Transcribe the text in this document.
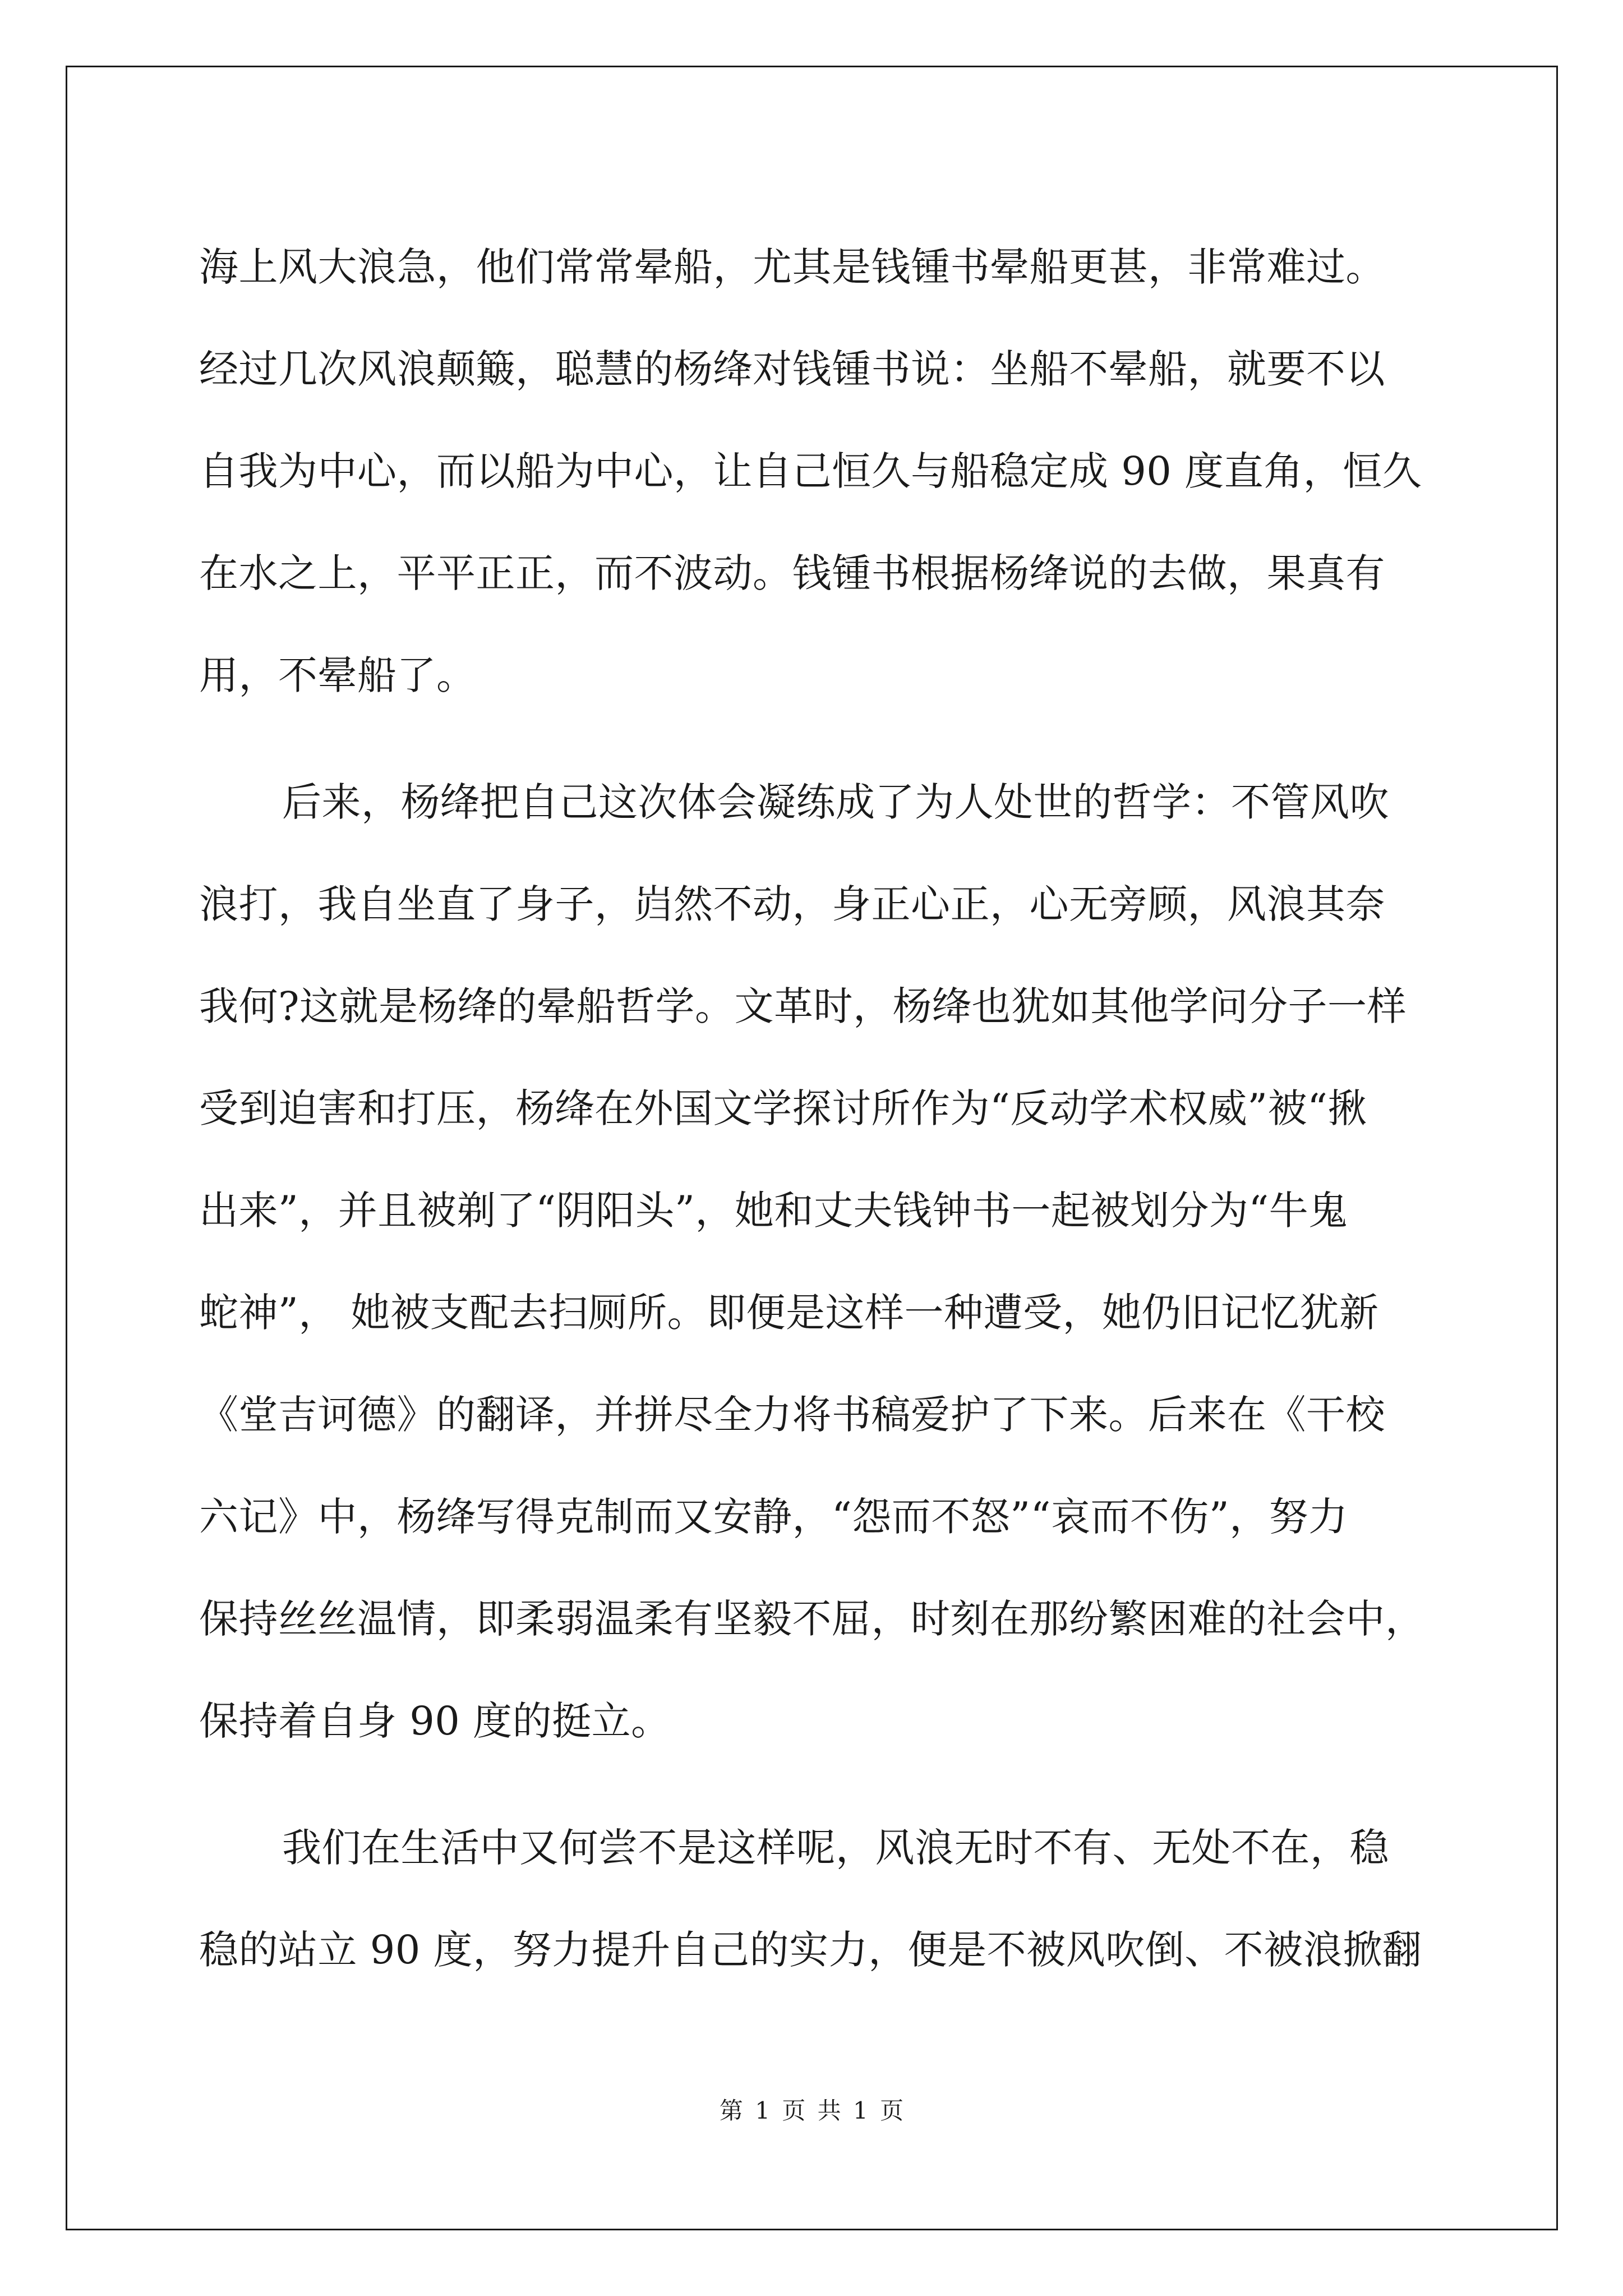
海上风大浪急，他们常常晕船，尤其是钱锺书晕船更甚，非常难过。
经过几次风浪颠簸，聪慧的杨绛对钱锺书说：坐船不晕船，就要不以
自我为中心，而以船为中心，让自己恒久与船稳定成 90 度直角，恒久
在水之上，平平正正，而不波动。钱锺书根据杨绛说的去做，果真有
用，不晕船了。
后来，杨绛把自己这次体会凝练成了为人处世的哲学：不管风吹
浪打，我自坐直了身子，岿然不动，身正心正，心无旁顾，风浪其奈
我何?这就是杨绛的晕船哲学。文革时，杨绛也犹如其他学问分子一样
受到迫害和打压，杨绛在外国文学探讨所作为“反动学术权威”被“揪
出来”，并且被剃了“阴阳头”，她和丈夫钱钟书一起被划分为“牛鬼
蛇神”， 她被支配去扫厕所。即便是这样一种遭受，她仍旧记忆犹新
《堂吉诃德》的翻译，并拼尽全力将书稿爱护了下来。后来在《干校
六记》中，杨绛写得克制而又安静，“怨而不怒”“哀而不伤”，努力
保持丝丝温情，即柔弱温柔有坚毅不屈，时刻在那纷繁困难的社会中，
保持着自身 90 度的挺立。
我们在生活中又何尝不是这样呢，风浪无时不有、无处不在，稳
稳的站立 90 度，努力提升自己的实力，便是不被风吹倒、不被浪掀翻
第 1 页 共 1 页
